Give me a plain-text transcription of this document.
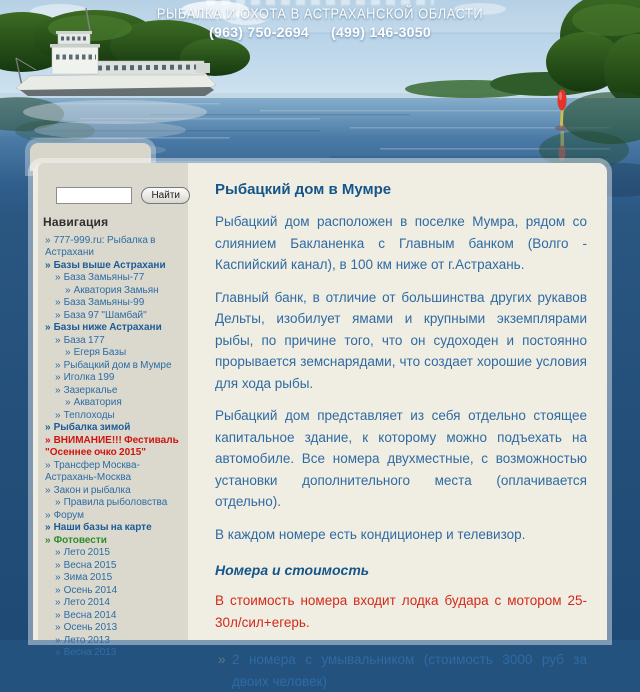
РЫБАЛКА И ОХОТА В АСТРАХАНСКОЙ ОБЛАСТИ
(963) 750-2694 (499) 146-3050
Найти
Навигация
» 777-999.ru: Рыбалка в Астрахани
» Базы выше Астрахани
» База Замьяны-77
» Акватория Замьян
» База Замьяны-99
» База 97 "Шамбай"
» Базы ниже Астрахани
» База 177
» Егеря Базы
» Рыбацкий дом в Мумре
» Иголка 199
» Зазеркалье
» Акватория
» Теплоходы
» Рыбалка зимой
» ВНИМАНИЕ!!! Фестиваль "Осеннее очко 2015"
» Трансфер Москва-Астрахань-Москва
» Закон и рыбалка
» Правила рыболовства
» Форум
» Наши базы на карте
» Фотовести
» Лето 2015
» Весна 2015
» Зима 2015
» Осень 2014
» Лето 2014
» Весна 2014
» Осень 2013
» Лето 2013
» Весна 2013
Рыбацкий дом в Мумре

Рыбацкий дом расположен в поселке Мумра, рядом со слиянием Бакланенка с Главным банком (Волго - Каспийский канал), в 100 км ниже от г.Астрахань.

Главный банк, в отличие от большинства других рукавов Дельты, изобилует ямами и крупными экземплярами рыбы, по причине того, что он судоходен и постоянно прорывается земснарядами, что создает хорошие условия для хода рыбы.

Рыбацкий дом представляет из себя отдельно стоящее капитальное здание, к которому можно подъехать на автомобиле. Все номера двухместные, с возможностью установки дополнительного места (оплачивается отдельно).

В каждом номере есть кондиционер и телевизор.

Номера и стоимость

В стоимость номера входит лодка будара с мотором 25-30л/сил+егерь.

» 2 номера с умывальником (стоимость 3000 руб за двоих человек)
